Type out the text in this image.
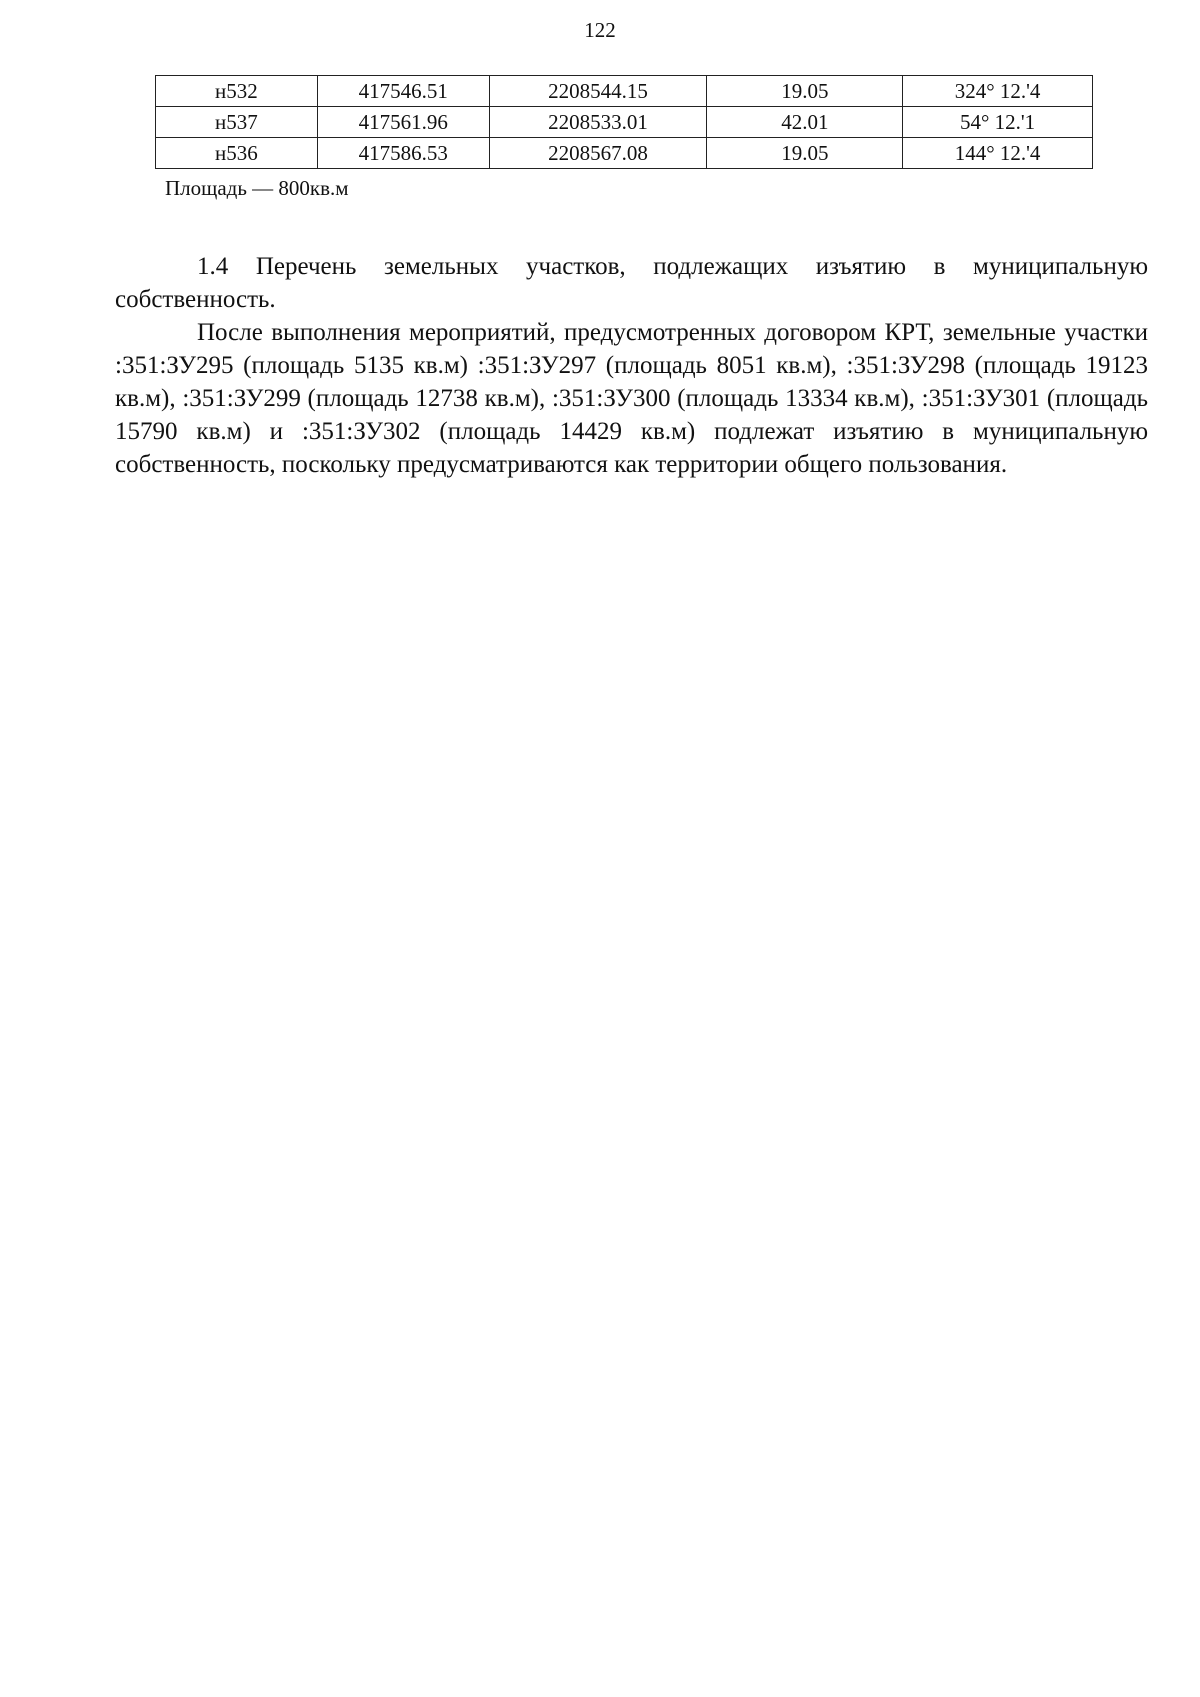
122
н532	417546.51	2208544.15	19.05	324° 12.'4
н537	417561.96	2208533.01	42.01	54° 12.'1
н536	417586.53	2208567.08	19.05	144° 12.'4
Площадь — 800кв.м

1.4 Перечень земельных участков, подлежащих изъятию в муниципальную собственность.

После выполнения мероприятий, предусмотренных договором КРТ, земельные участки :351:ЗУ295 (площадь 5135 кв.м) :351:ЗУ297 (площадь 8051 кв.м), :351:ЗУ298 (площадь 19123 кв.м), :351:ЗУ299 (площадь 12738 кв.м), :351:ЗУ300 (площадь 13334 кв.м), :351:ЗУ301 (площадь 15790 кв.м) и :351:ЗУ302 (площадь 14429 кв.м) подлежат изъятию в муниципальную собственность, поскольку предусматриваются как территории общего пользования.
